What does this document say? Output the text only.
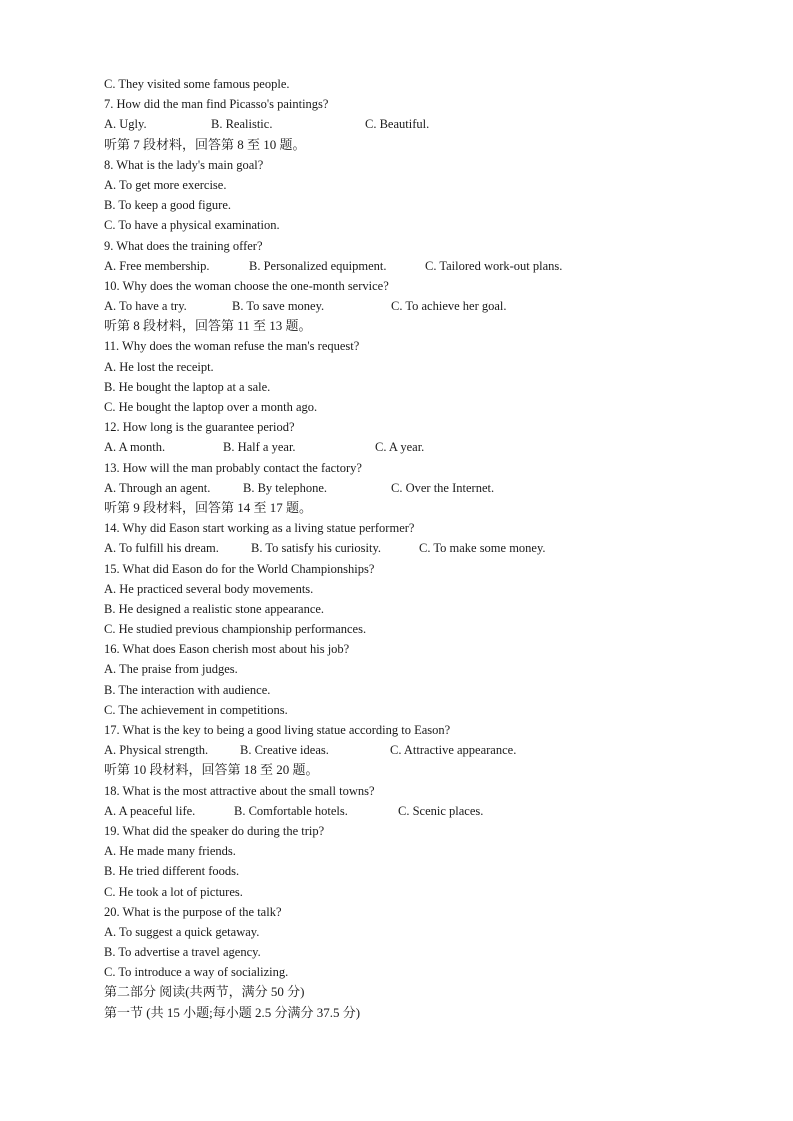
C. They visited some famous people.
7. How did the man find Picasso's paintings?
A. Ugly.	B. Realistic.	C. Beautiful.
听第 7 段材料，回答第 8 至 10 题。
8. What is the lady's main goal?
A. To get more exercise.
B. To keep a good figure.
C. To have a physical examination.
9. What does the training offer?
A. Free membership.	B. Personalized equipment.	C. Tailored work-out plans.
10. Why does the woman choose the one-month service?
A. To have a try.	B. To save money.	C. To achieve her goal.
听第 8 段材料，回答第 11 至 13 题。
11. Why does the woman refuse the man's request?
A. He lost the receipt.
B. He bought the laptop at a sale.
C. He bought the laptop over a month ago.
12. How long is the guarantee period?
A. A month.	B. Half a year.	C. A year.
13. How will the man probably contact the factory?
A. Through an agent.	B. By telephone.	C. Over the Internet.
听第 9 段材料，回答第 14 至 17 题。
14. Why did Eason start working as a living statue performer?
A. To fulfill his dream.	B. To satisfy his curiosity.	C. To make some money.
15. What did Eason do for the World Championships?
A. He practiced several body movements.
B. He designed a realistic stone appearance.
C. He studied previous championship performances.
16. What does Eason cherish most about his job?
A. The praise from judges.
B. The interaction with audience.
C. The achievement in competitions.
17. What is the key to being a good living statue according to Eason?
A. Physical strength.	B. Creative ideas.	C. Attractive appearance.
听第 10 段材料，回答第 18 至 20 题。
18. What is the most attractive about the small towns?
A. A peaceful life.	B. Comfortable hotels.	C. Scenic places.
19. What did the speaker do during the trip?
A. He made many friends.
B. He tried different foods.
C. He took a lot of pictures.
20. What is the purpose of the talk?
A. To suggest a quick getaway.
B. To advertise a travel agency.
C. To introduce a way of socializing.
第二部分 阅读(共两节，满分 50 分)
第一节 (共 15 小题;每小题 2.5 分满分 37.5 分)
